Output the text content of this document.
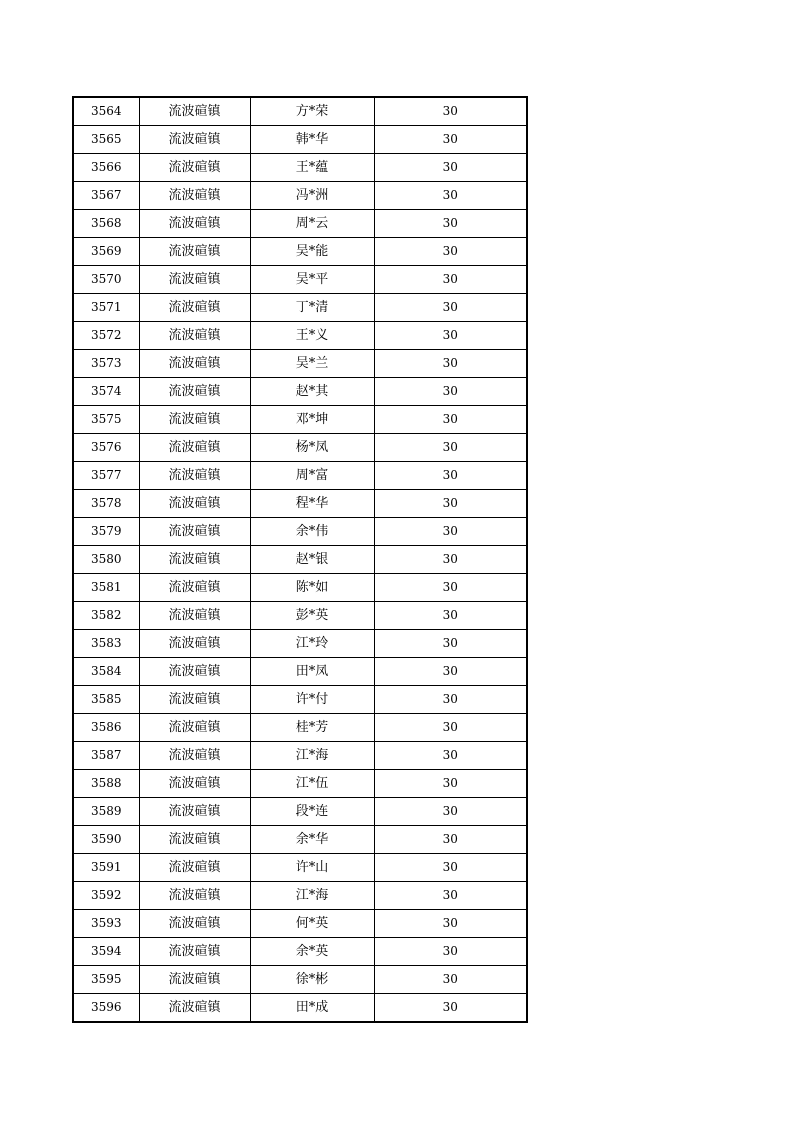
3564	流波碹镇	方*荣	30
3565	流波碹镇	韩*华	30
3566	流波碹镇	王*蕴	30
3567	流波碹镇	冯*洲	30
3568	流波碹镇	周*云	30
3569	流波碹镇	吴*能	30
3570	流波碹镇	吴*平	30
3571	流波碹镇	丁*清	30
3572	流波碹镇	王*义	30
3573	流波碹镇	吴*兰	30
3574	流波碹镇	赵*其	30
3575	流波碹镇	邓*坤	30
3576	流波碹镇	杨*凤	30
3577	流波碹镇	周*富	30
3578	流波碹镇	程*华	30
3579	流波碹镇	余*伟	30
3580	流波碹镇	赵*银	30
3581	流波碹镇	陈*如	30
3582	流波碹镇	彭*英	30
3583	流波碹镇	江*玲	30
3584	流波碹镇	田*凤	30
3585	流波碹镇	许*付	30
3586	流波碹镇	桂*芳	30
3587	流波碹镇	江*海	30
3588	流波碹镇	江*伍	30
3589	流波碹镇	段*连	30
3590	流波碹镇	余*华	30
3591	流波碹镇	许*山	30
3592	流波碹镇	江*海	30
3593	流波碹镇	何*英	30
3594	流波碹镇	余*英	30
3595	流波碹镇	徐*彬	30
3596	流波碹镇	田*成	30
